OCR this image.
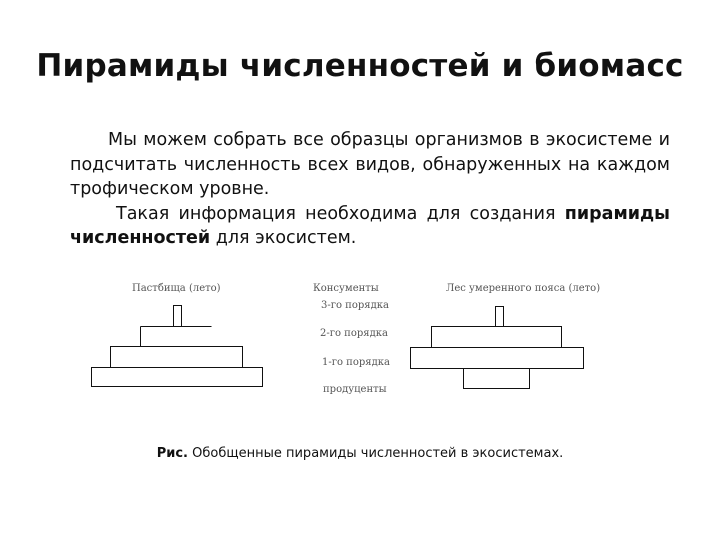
Пирамиды численностей и биомасс

Мы можем собрать все образцы организмов в экосистеме и подсчитать численность всех видов, обнаруженных на каждом трофическом уровне.

Такая информация необходима для создания пирамиды численностей для экосистем.

Пастбища (лето)	Консументы	Лес умеренного пояса (лето)
3-го порядка
2-го порядка
1-го порядка
продуценты
Рис. Обобщенные пирамиды численностей в экосистемах.
